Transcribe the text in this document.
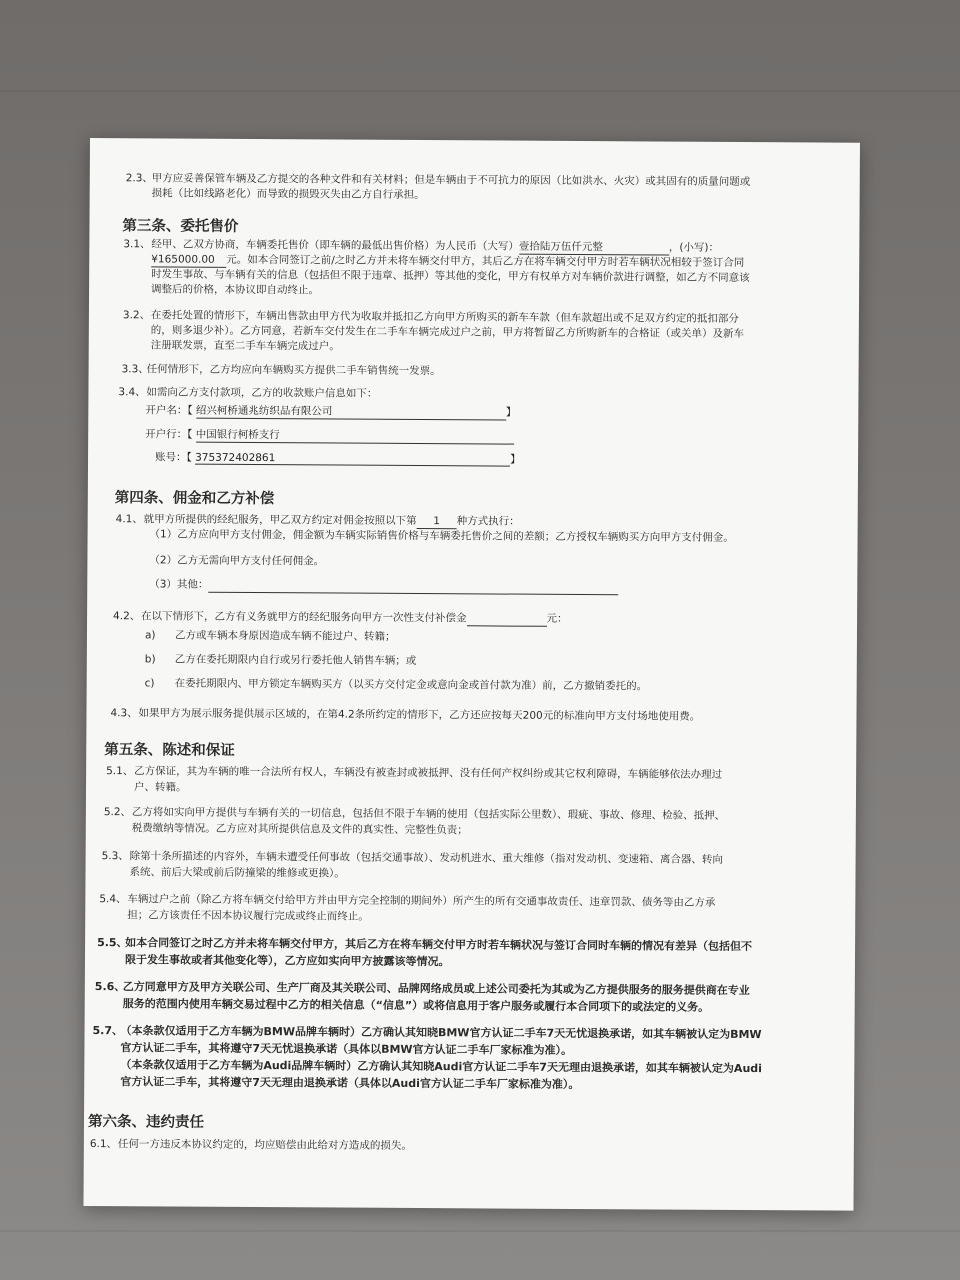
2.3、
甲方应妥善保管车辆及乙方提交的各种文件和有关材料；但是车辆由于不可抗力的原因（比如洪水、火灾）或其固有的质量问题或
损耗（比如线路老化）而导致的损毁灭失由乙方自行承担。
第三条、委托售价
3.1、 经甲、乙双方协商，车辆委托售价（即车辆的最低出售价格）为人民币（大写）壹拾陆万伍仟元整	，(小写)：
¥165000.00 元。如本合同签订之前/之时乙方并未将车辆交付甲方，其后乙方在将车辆交付甲方时若车辆状况相较于签订合同
时发生事故、与车辆有关的信息（包括但不限于违章、抵押）等其他的变化，甲方有权单方对车辆价款进行调整，如乙方不同意该
调整后的价格，本协议即自动终止。
3.2、 在委托处置的情形下，车辆出售款由甲方代为收取并抵扣乙方向甲方所购买的新车车款（但车款超出或不足双方约定的抵扣部分
的，则多退少补）。乙方同意，若新车交付发生在二手车车辆完成过户之前，甲方将暂留乙方所购新车的合格证（或关单）及新车
注册联发票，直至二手车车辆完成过户。
3.3、
任何情形下，乙方均应向车辆购买方提供二手车销售统一发票。
3.4、 如需向乙方支付款项，乙方的收款账户信息如下：
开户名：【 绍兴柯桥通兆纺织品有限公司	】
开户行：【 中国银行柯桥支行
账号：【 375372402861	】
第四条、佣金和乙方补偿
4.1、 就甲方所提供的经纪服务，甲乙双方约定对佣金按照以下第 1 种方式执行：
（1）乙方应向甲方支付佣金，佣金额为车辆实际销售价格与车辆委托售价之间的差额；乙方授权车辆购买方向甲方支付佣金。
（2）乙方无需向甲方支付任何佣金。
（3）其他：
4.2、 在以下情形下，乙方有义务就甲方的经纪服务向甲方一次性支付补偿金	元：
a) 乙方或车辆本身原因造成车辆不能过户、转籍；
b) 乙方在委托期限内自行或另行委托他人销售车辆；或
c) 在委托期限内、甲方锁定车辆购买方（以买方交付定金或意向金或首付款为准）前，乙方撤销委托的。
4.3、 如果甲方为展示服务提供展示区域的，在第4.2条所约定的情形下，乙方还应按每天200元的标准向甲方支付场地使用费。
第五条、陈述和保证
5.1、 乙方保证，其为车辆的唯一合法所有权人，车辆没有被查封或被抵押、没有任何产权纠纷或其它权利障碍，车辆能够依法办理过
户、转籍。
5.2、 乙方将如实向甲方提供与车辆有关的一切信息，包括但不限于车辆的使用（包括实际公里数）、瑕疵、事故、修理、检验、抵押、
税费缴纳等情况。乙方应对其所提供信息及文件的真实性、完整性负责；
5.3、 除第十条所描述的内容外，车辆未遭受任何事故（包括交通事故）、发动机进水、重大维修（指对发动机、变速箱、离合器、转向
系统、前后大梁或前后防撞梁的维修或更换）。
5.4、 车辆过户之前（除乙方将车辆交付给甲方并由甲方完全控制的期间外）所产生的所有交通事故责任、违章罚款、债务等由乙方承
担；乙方该责任不因本协议履行完成或终止而终止。
5.5、
如本合同签订之时乙方并未将车辆交付甲方，其后乙方在将车辆交付甲方时若车辆状况与签订合同时车辆的情况有差异（包括但不
限于发生事故或者其他变化等），乙方应如实向甲方披露该等情况。
5.6、
乙方同意甲方及甲方关联公司、生产厂商及其关联公司、品牌网络成员或上述公司委托为其或为乙方提供服务的服务提供商在专业
服务的范围内使用车辆交易过程中乙方的相关信息（“信息”）或将信息用于客户服务或履行本合同项下的或法定的义务。
5.7、
（本条款仅适用于乙方车辆为BMW品牌车辆时）乙方确认其知晓BMW官方认证二手车7天无忧退换承诺，如其车辆被认定为BMW
官方认证二手车，其将遵守7天无忧退换承诺（具体以BMW官方认证二手车厂家标准为准）。
（本条款仅适用于乙方车辆为Audi品牌车辆时）乙方确认其知晓Audi官方认证二手车7天无理由退换承诺，如其车辆被认定为Audi
官方认证二手车，其将遵守7天无理由退换承诺（具体以Audi官方认证二手车厂家标准为准）。
第六条、违约责任
6.1、 任何一方违反本协议约定的，均应赔偿由此给对方造成的损失。
